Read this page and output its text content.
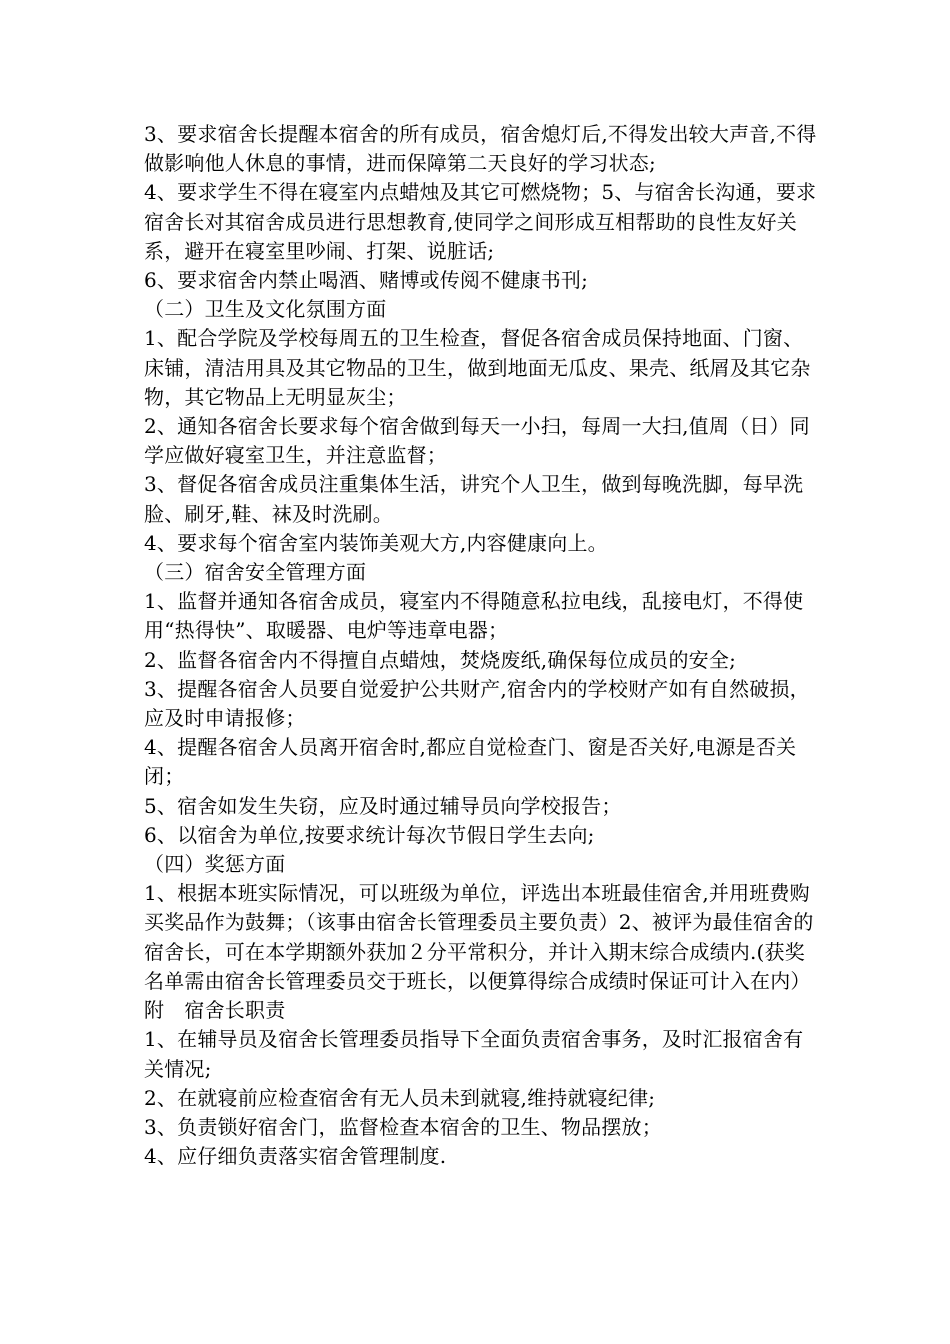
3、要求宿舍长提醒本宿舍的所有成员，宿舍熄灯后,不得发出较大声音,不得做影响他人休息的事情，进而保障第二天良好的学习状态;

4、要求学生不得在寝室内点蜡烛及其它可燃烧物；5、与宿舍长沟通，要求宿舍长对其宿舍成员进行思想教育,使同学之间形成互相帮助的良性友好关系，避开在寝室里吵闹、打架、说脏话;

6、要求宿舍内禁止喝酒、赌博或传阅不健康书刊;

（二）卫生及文化氛围方面

1、配合学院及学校每周五的卫生检查，督促各宿舍成员保持地面、门窗、床铺，清洁用具及其它物品的卫生，做到地面无瓜皮、果壳、纸屑及其它杂物，其它物品上无明显灰尘；

2、通知各宿舍长要求每个宿舍做到每天一小扫，每周一大扫,值周（日）同学应做好寝室卫生，并注意监督；

3、督促各宿舍成员注重集体生活，讲究个人卫生，做到每晚洗脚，每早洗脸、刷牙,鞋、袜及时洗刷。

4、要求每个宿舍室内装饰美观大方,内容健康向上。

（三）宿舍安全管理方面

1、监督并通知各宿舍成员，寝室内不得随意私拉电线，乱接电灯，不得使用“热得快”、取暖器、电炉等违章电器；

2、监督各宿舍内不得擅自点蜡烛，焚烧废纸,确保每位成员的安全;

3、提醒各宿舍人员要自觉爱护公共财产,宿舍内的学校财产如有自然破损，应及时申请报修；

4、提醒各宿舍人员离开宿舍时,都应自觉检查门、窗是否关好,电源是否关闭；

5、宿舍如发生失窃，应及时通过辅导员向学校报告；

6、以宿舍为单位,按要求统计每次节假日学生去向;

（四）奖惩方面

1、根据本班实际情况，可以班级为单位，评选出本班最佳宿舍,并用班费购买奖品作为鼓舞；（该事由宿舍长管理委员主要负责）2、被评为最佳宿舍的宿舍长，可在本学期额外获加２分平常积分，并计入期末综合成绩内.(获奖名单需由宿舍长管理委员交于班长，以便算得综合成绩时保证可计入在内）

附　宿舍长职责

1、在辅导员及宿舍长管理委员指导下全面负责宿舍事务，及时汇报宿舍有关情况;

2、在就寝前应检查宿舍有无人员未到就寝,维持就寝纪律;

3、负责锁好宿舍门，监督检查本宿舍的卫生、物品摆放；

4、应仔细负责落实宿舍管理制度.
